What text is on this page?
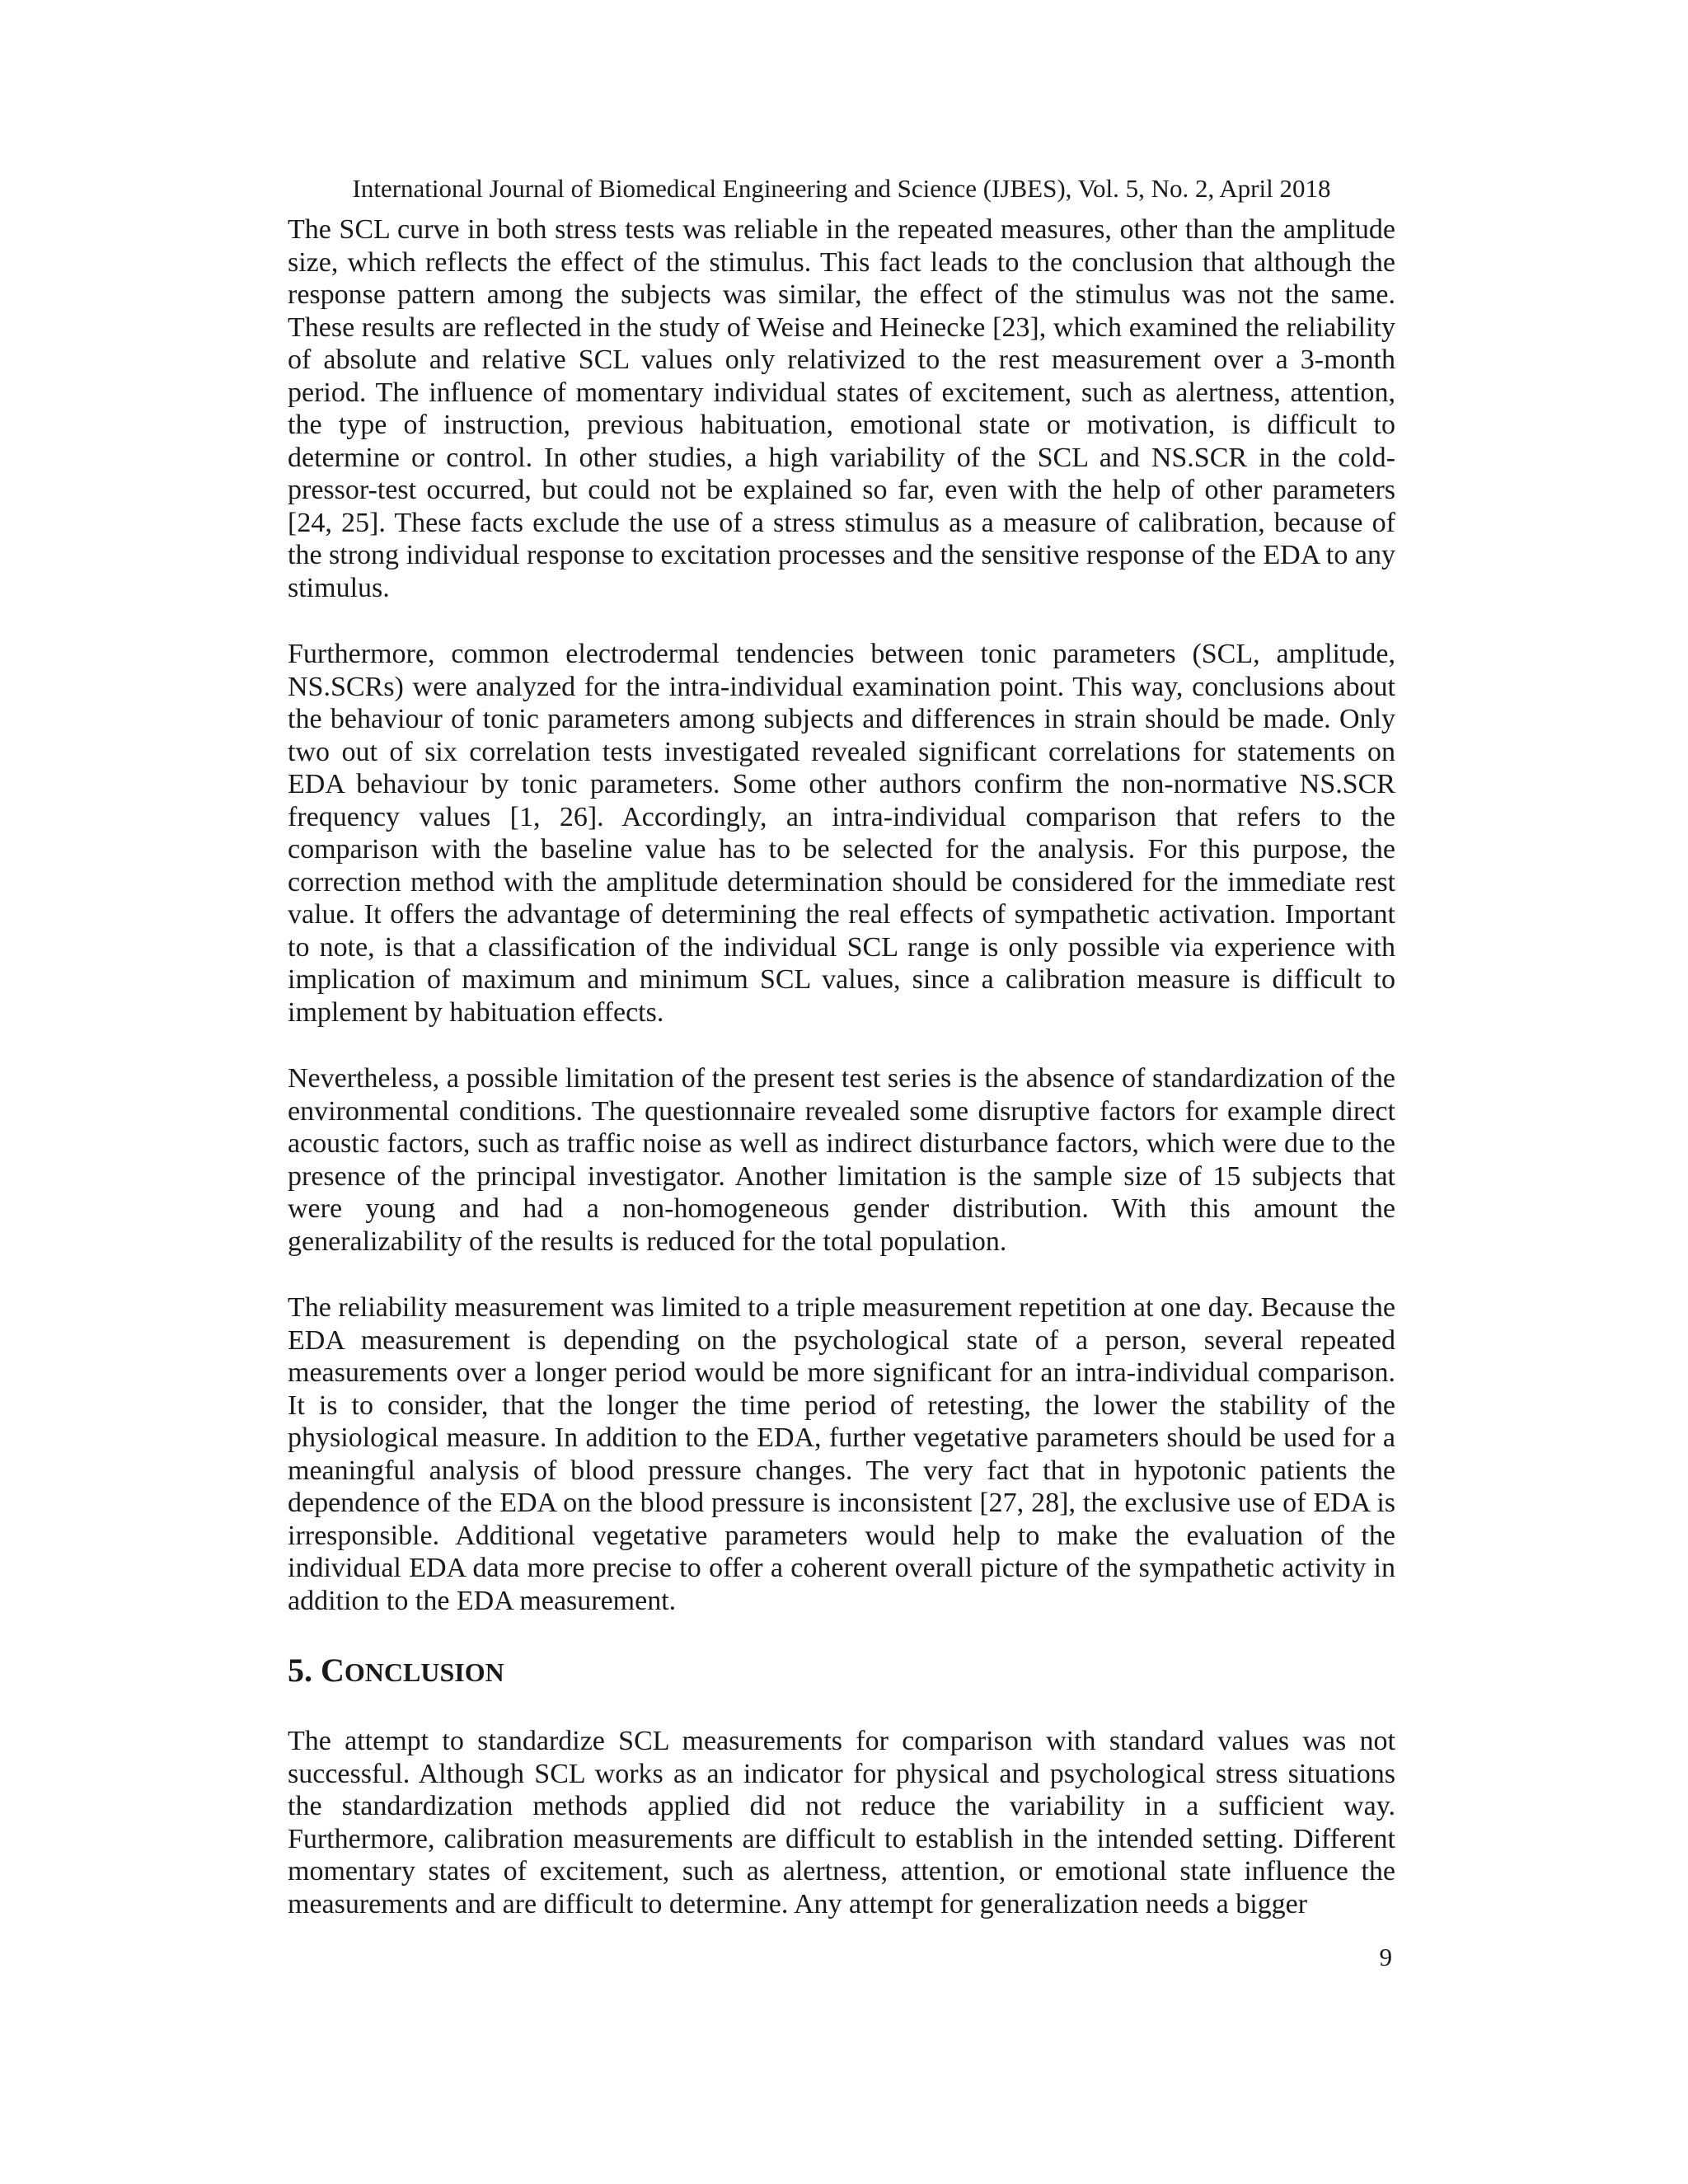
International Journal of Biomedical Engineering and Science (IJBES), Vol. 5, No. 2, April 2018

The SCL curve in both stress tests was reliable in the repeated measures, other than the amplitude size, which reflects the effect of the stimulus. This fact leads to the conclusion that although the response pattern among the subjects was similar, the effect of the stimulus was not the same. These results are reflected in the study of Weise and Heinecke [23], which examined the reliability of absolute and relative SCL values only relativized to the rest measurement over a 3-month period. The influence of momentary individual states of excitement, such as alertness, attention, the type of instruction, previous habituation, emotional state or motivation, is difficult to determine or control. In other studies, a high variability of the SCL and NS.SCR in the cold-pressor-test occurred, but could not be explained so far, even with the help of other parameters [24, 25]. These facts exclude the use of a stress stimulus as a measure of calibration, because of the strong individual response to excitation processes and the sensitive response of the EDA to any stimulus.

Furthermore, common electrodermal tendencies between tonic parameters (SCL, amplitude, NS.SCRs) were analyzed for the intra-individual examination point. This way, conclusions about the behaviour of tonic parameters among subjects and differences in strain should be made. Only two out of six correlation tests investigated revealed significant correlations for statements on EDA behaviour by tonic parameters. Some other authors confirm the non-normative NS.SCR frequency values [1, 26]. Accordingly, an intra-individual comparison that refers to the comparison with the baseline value has to be selected for the analysis. For this purpose, the correction method with the amplitude determination should be considered for the immediate rest value. It offers the advantage of determining the real effects of sympathetic activation. Important to note, is that a classification of the individual SCL range is only possible via experience with implication of maximum and minimum SCL values, since a calibration measure is difficult to implement by habituation effects.

Nevertheless, a possible limitation of the present test series is the absence of standardization of the environmental conditions. The questionnaire revealed some disruptive factors for example direct acoustic factors, such as traffic noise as well as indirect disturbance factors, which were due to the presence of the principal investigator. Another limitation is the sample size of 15 subjects that were young and had a non-homogeneous gender distribution. With this amount the generalizability of the results is reduced for the total population.

The reliability measurement was limited to a triple measurement repetition at one day. Because the EDA measurement is depending on the psychological state of a person, several repeated measurements over a longer period would be more significant for an intra-individual comparison. It is to consider, that the longer the time period of retesting, the lower the stability of the physiological measure. In addition to the EDA, further vegetative parameters should be used for a meaningful analysis of blood pressure changes. The very fact that in hypotonic patients the dependence of the EDA on the blood pressure is inconsistent [27, 28], the exclusive use of EDA is irresponsible. Additional vegetative parameters would help to make the evaluation of the individual EDA data more precise to offer a coherent overall picture of the sympathetic activity in addition to the EDA measurement.

5. CONCLUSION

The attempt to standardize SCL measurements for comparison with standard values was not successful. Although SCL works as an indicator for physical and psychological stress situations the standardization methods applied did not reduce the variability in a sufficient way. Furthermore, calibration measurements are difficult to establish in the intended setting. Different momentary states of excitement, such as alertness, attention, or emotional state influence the measurements and are difficult to determine. Any attempt for generalization needs a bigger

9
